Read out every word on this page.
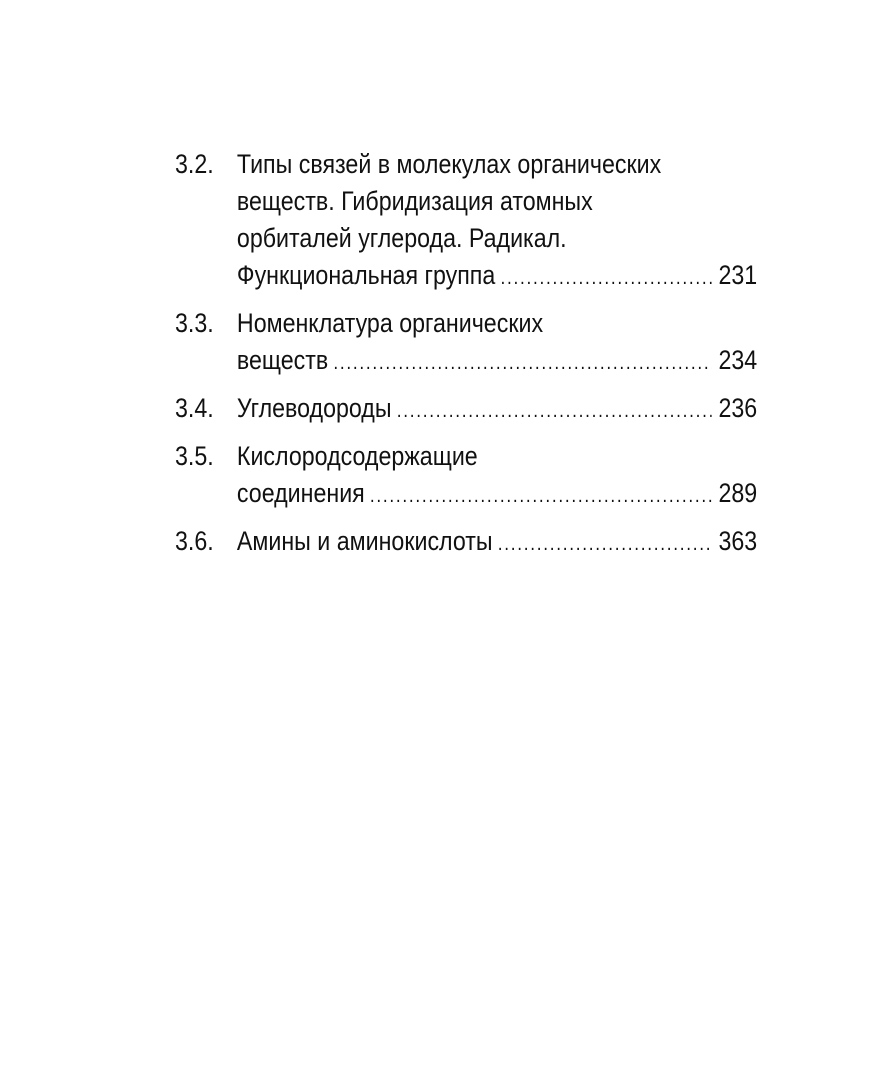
3.2. Типы связей в молекулах органических
веществ. Гибридизация атомных
орбиталей углерода. Радикал.
Функциональная группа .....	231
3.3. Номенклатура органических
веществ .....	234
3.4. Углеводороды .....	236
3.5. Кислородсодержащие
соединения .....	289
3.6. Амины и аминокислоты .....	363
